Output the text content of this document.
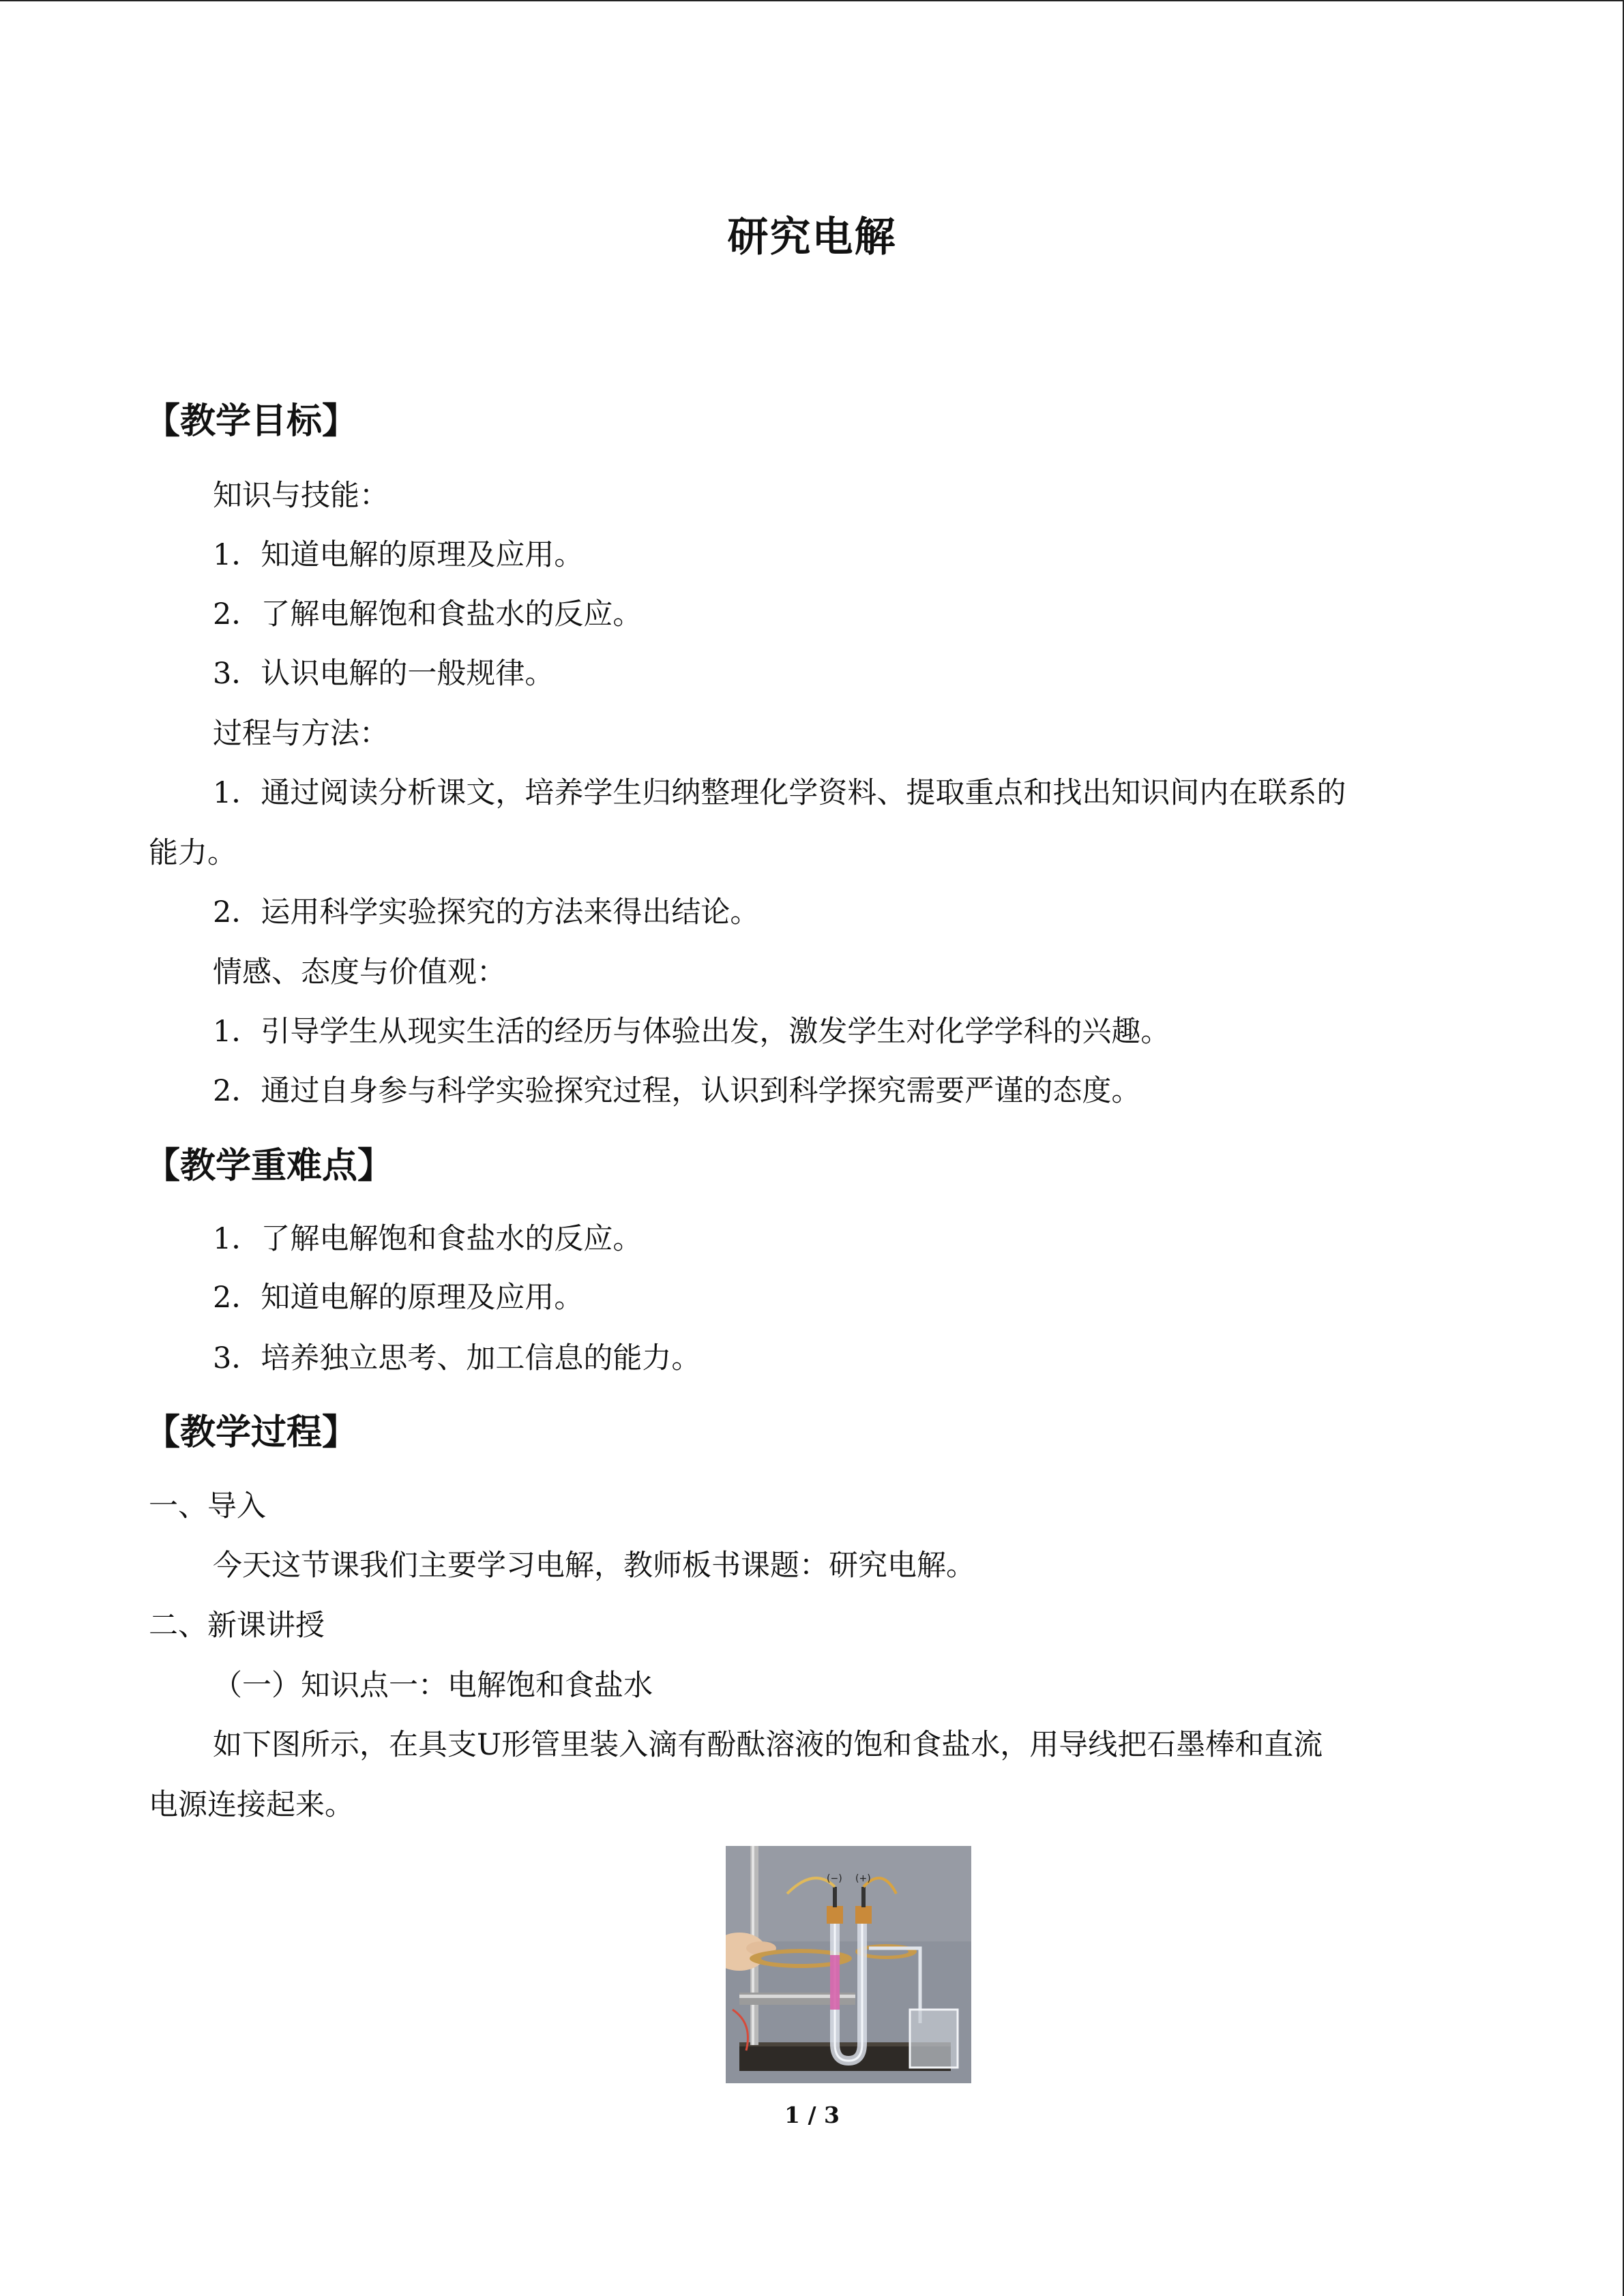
研究电解
【教学目标】
知识与技能：
1．知道电解的原理及应用。
2．了解电解饱和食盐水的反应。
3．认识电解的一般规律。
过程与方法：
1．通过阅读分析课文，培养学生归纳整理化学资料、提取重点和找出知识间内在联系的
能力。
2．运用科学实验探究的方法来得出结论。
情感、态度与价值观：
1．引导学生从现实生活的经历与体验出发，激发学生对化学学科的兴趣。
2．通过自身参与科学实验探究过程，认识到科学探究需要严谨的态度。
【教学重难点】
1．了解电解饱和食盐水的反应。
2．知道电解的原理及应用。
3．培养独立思考、加工信息的能力。
【教学过程】
一、导入
今天这节课我们主要学习电解，教师板书课题：研究电解。
二、新课讲授
（一）知识点一：电解饱和食盐水
如下图所示，在具支U形管里装入滴有酚酞溶液的饱和食盐水，用导线把石墨棒和直流
电源连接起来。
(−) (+)
1 / 3
